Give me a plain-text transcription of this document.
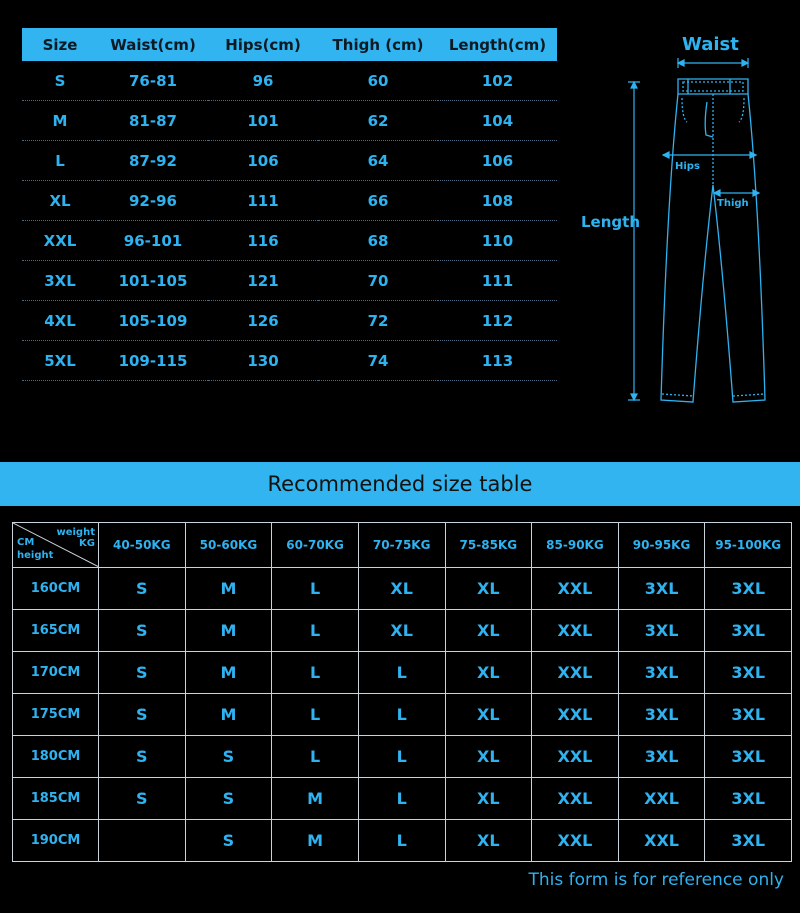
Size	Waist(cm)	Hips(cm)	Thigh (cm)	Length(cm)
S	76-81	96	60	102
M	81-87	101	62	104
L	87-92	106	64	106
XL	92-96	111	66	108
XXL	96-101	116	68	110
3XL	101-105	121	70	111
4XL	105-109	126	72	112
5XL	109-115	130	74	113
Waist
Length
Hips
Thigh
Recommended size table
weight
KG
CM
height	40-50KG	50-60KG	60-70KG	70-75KG	75-85KG	85-90KG	90-95KG	95-100KG
160CM	S	M	L	XL	XL	XXL	3XL	3XL
165CM	S	M	L	XL	XL	XXL	3XL	3XL
170CM	S	M	L	L	XL	XXL	3XL	3XL
175CM	S	M	L	L	XL	XXL	3XL	3XL
180CM	S	S	L	L	XL	XXL	3XL	3XL
185CM	S	S	M	L	XL	XXL	XXL	3XL
190CM		S	M	L	XL	XXL	XXL	3XL
This form is for reference only
